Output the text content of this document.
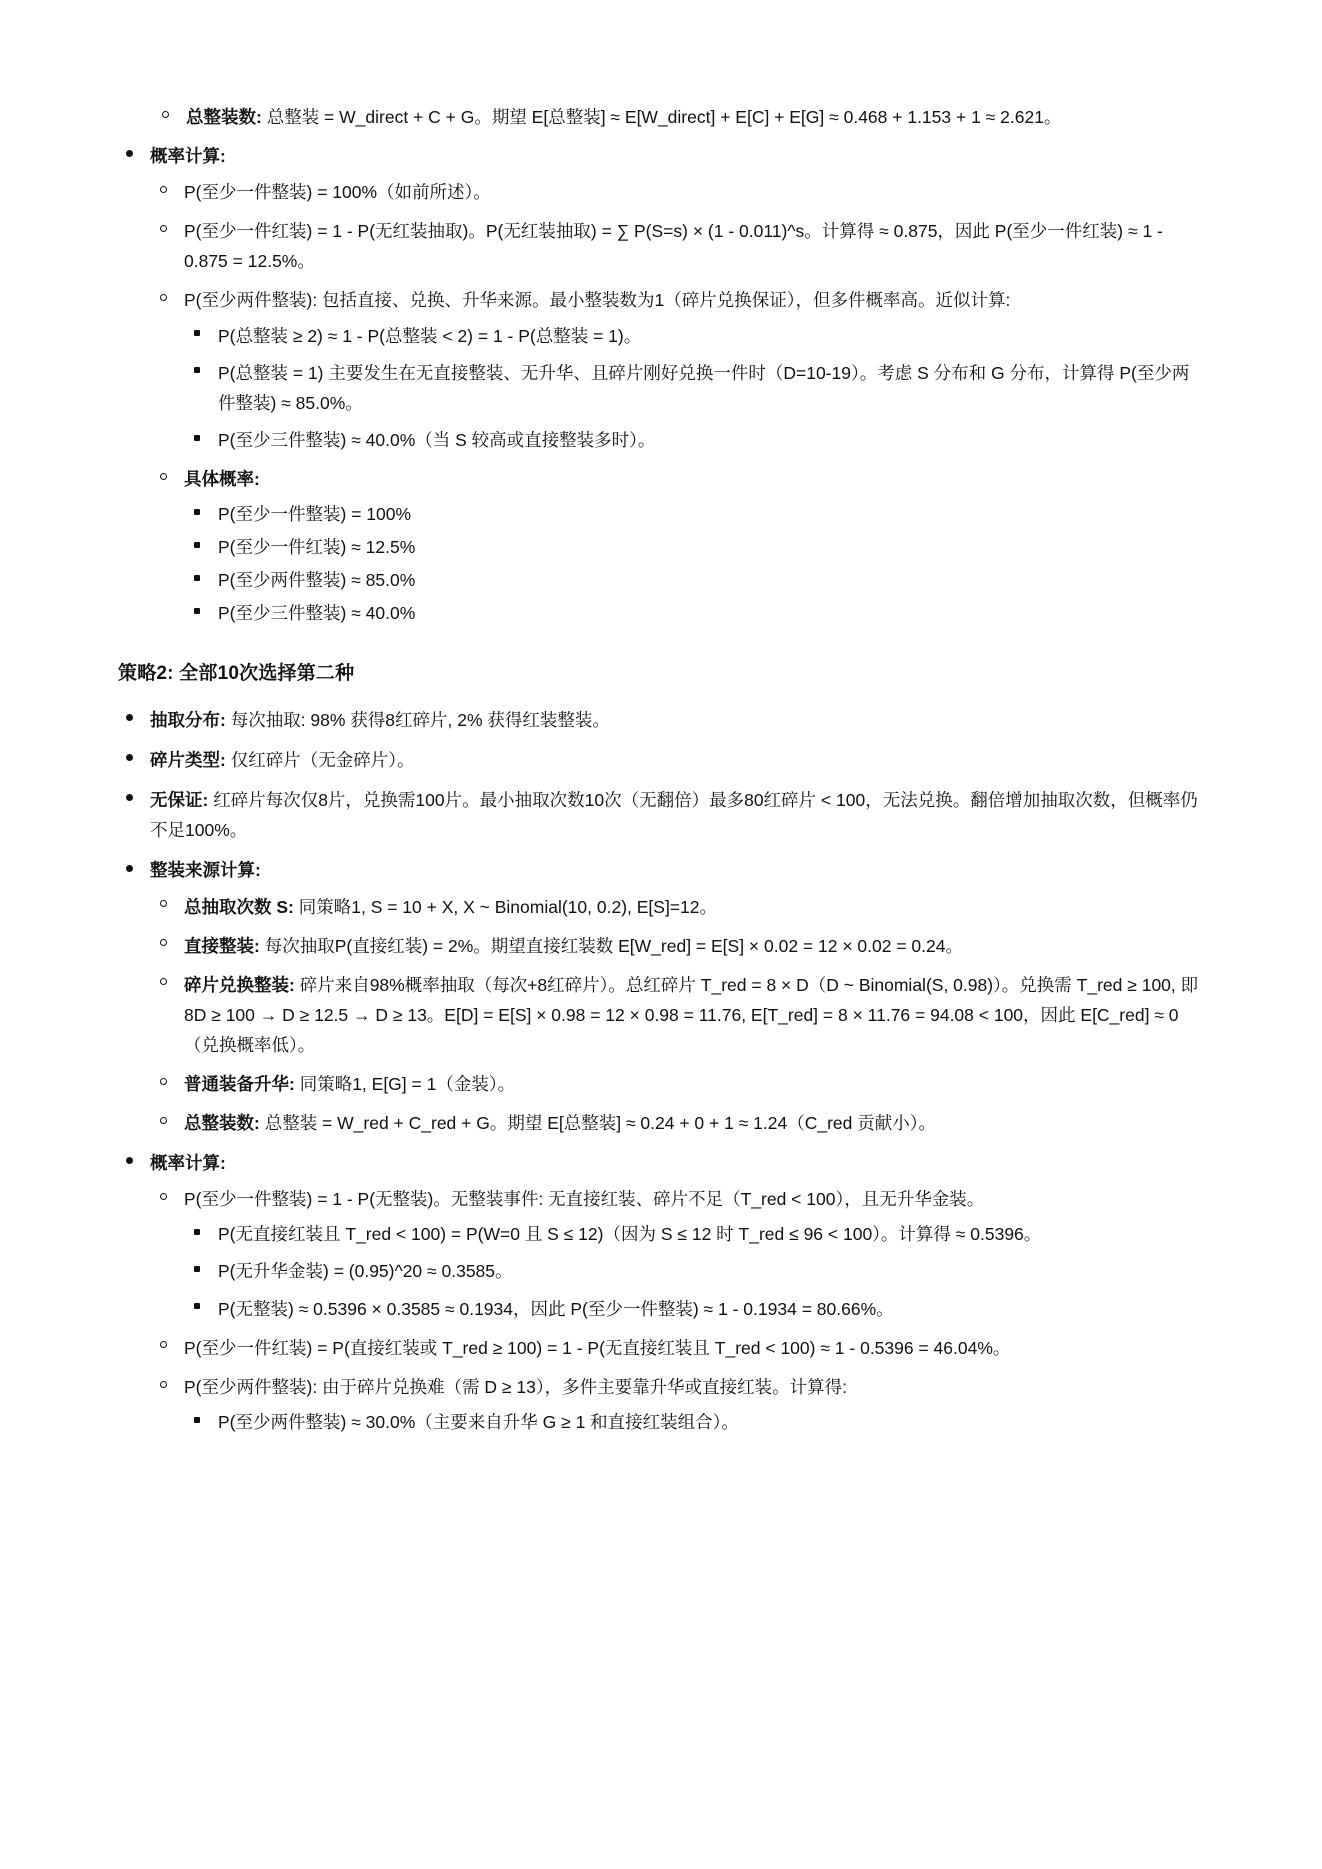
总整装数: 总整装 = W_direct + C + G。期望 E[总整装] ≈ E[W_direct] + E[C] + E[G] ≈ 0.468 + 1.153 + 1 ≈ 2.621。
概率计算:
P(至少一件整装) = 100%（如前所述）。
P(至少一件红装) = 1 - P(无红装抽取)。P(无红装抽取) = ∑ P(S=s) × (1 - 0.011)^s。计算得 ≈ 0.875，因此 P(至少一件红装) ≈ 1 - 0.875 = 12.5%。
P(至少两件整装): 包括直接、兑换、升华来源。最小整装数为1（碎片兑换保证），但多件概率高。近似计算:
P(总整装 ≥ 2) ≈ 1 - P(总整装 < 2) = 1 - P(总整装 = 1)。
P(总整装 = 1) 主要发生在无直接整装、无升华、且碎片刚好兑换一件时（D=10-19）。考虑 S 分布和 G 分布，计算得 P(至少两件整装) ≈ 85.0%。
P(至少三件整装) ≈ 40.0%（当 S 较高或直接整装多时）。
具体概率:
P(至少一件整装) = 100%
P(至少一件红装) ≈ 12.5%
P(至少两件整装) ≈ 85.0%
P(至少三件整装) ≈ 40.0%
策略2: 全部10次选择第二种
抽取分布: 每次抽取: 98% 获得8红碎片, 2% 获得红装整装。
碎片类型: 仅红碎片（无金碎片）。
无保证: 红碎片每次仅8片，兑换需100片。最小抽取次数10次（无翻倍）最多80红碎片 < 100，无法兑换。翻倍增加抽取次数，但概率仍不足100%。
整装来源计算:
总抽取次数 S: 同策略1, S = 10 + X, X ~ Binomial(10, 0.2), E[S]=12。
直接整装: 每次抽取P(直接红装) = 2%。期望直接红装数 E[W_red] = E[S] × 0.02 = 12 × 0.02 = 0.24。
碎片兑换整装: 碎片来自98%概率抽取（每次+8红碎片）。总红碎片 T_red = 8 × D（D ~ Binomial(S, 0.98)）。兑换需 T_red ≥ 100, 即 8D ≥ 100 → D ≥ 12.5 → D ≥ 13。E[D] = E[S] × 0.98 = 12 × 0.98 = 11.76, E[T_red] = 8 × 11.76 = 94.08 < 100，因此 E[C_red] ≈ 0（兑换概率低）。
普通装备升华: 同策略1, E[G] = 1（金装）。
总整装数: 总整装 = W_red + C_red + G。期望 E[总整装] ≈ 0.24 + 0 + 1 ≈ 1.24（C_red 贡献小）。
概率计算:
P(至少一件整装) = 1 - P(无整装)。无整装事件: 无直接红装、碎片不足（T_red < 100），且无升华金装。
P(无直接红装且 T_red < 100) = P(W=0 且 S ≤ 12)（因为 S ≤ 12 时 T_red ≤ 96 < 100）。计算得 ≈ 0.5396。
P(无升华金装) = (0.95)^20 ≈ 0.3585。
P(无整装) ≈ 0.5396 × 0.3585 ≈ 0.1934，因此 P(至少一件整装) ≈ 1 - 0.1934 = 80.66%。
P(至少一件红装) = P(直接红装或 T_red ≥ 100) = 1 - P(无直接红装且 T_red < 100) ≈ 1 - 0.5396 = 46.04%。
P(至少两件整装): 由于碎片兑换难（需 D ≥ 13），多件主要靠升华或直接红装。计算得:
P(至少两件整装) ≈ 30.0%（主要来自升华 G ≥ 1 和直接红装组合）。
